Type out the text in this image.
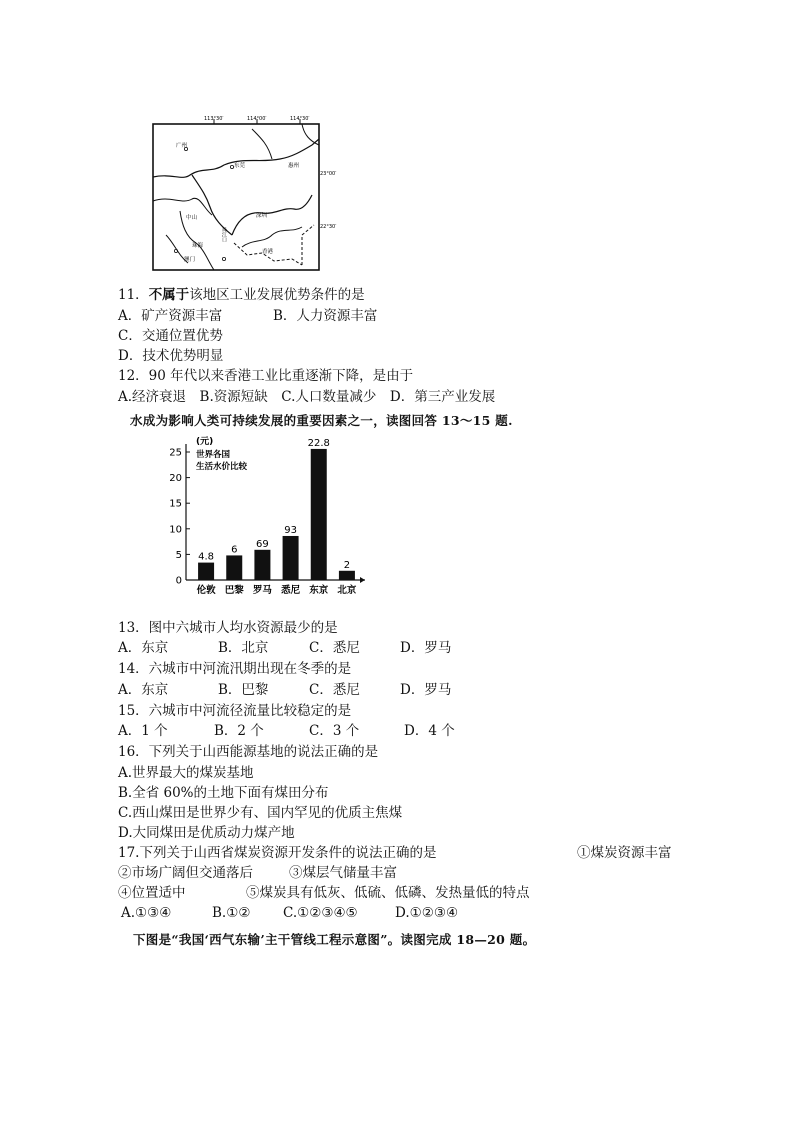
113°30′	114°00′	114°30′
23°00′
22°30′
广州
东莞	惠州
中山	深圳
珠江口
珠海
香港
澳门
11．不属于该地区工业发展优势条件的是
A．矿产资源丰富	B．人力资源丰富
C．交通位置优势
D．技术优势明显
12．90 年代以来香港工业比重逐渐下降，是由于
A.经济衰退　B.资源短缺　C.人口数量减少　D．第三产业发展
水成为影响人类可持续发展的重要因素之一，读图回答 13～15 题.
0
5
10
15
20
25
4.8
伦敦
6
巴黎
69
罗马
93
悉尼
22.8
东京
2
北京
(元)
世界各国
生活水价比较
13．图中六城市人均水资源最少的是
A．东京	B．北京	C．悉尼	D．罗马
14．六城市中河流汛期出现在冬季的是
A．东京	B．巴黎	C．悉尼	D．罗马
15．六城市中河流径流量比较稳定的是
A．1 个	B．2 个	C．3 个	D．4 个
16．下列关于山西能源基地的说法正确的是
A.世界最大的煤炭基地
B.全省 60%的土地下面有煤田分布
C.西山煤田是世界少有、国内罕见的优质主焦煤
D.大同煤田是优质动力煤产地
17.下列关于山西省煤炭资源开发条件的说法正确的是	①煤炭资源丰富
②市场广阔但交通落后	③煤层气储量丰富
④位置适中	⑤煤炭具有低灰、低硫、低磷、发热量低的特点
A.①③④	B.①② C.①②③④⑤	D.①②③④
下图是“我国‘西气东输’主干管线工程示意图”。读图完成 18—20 题。
